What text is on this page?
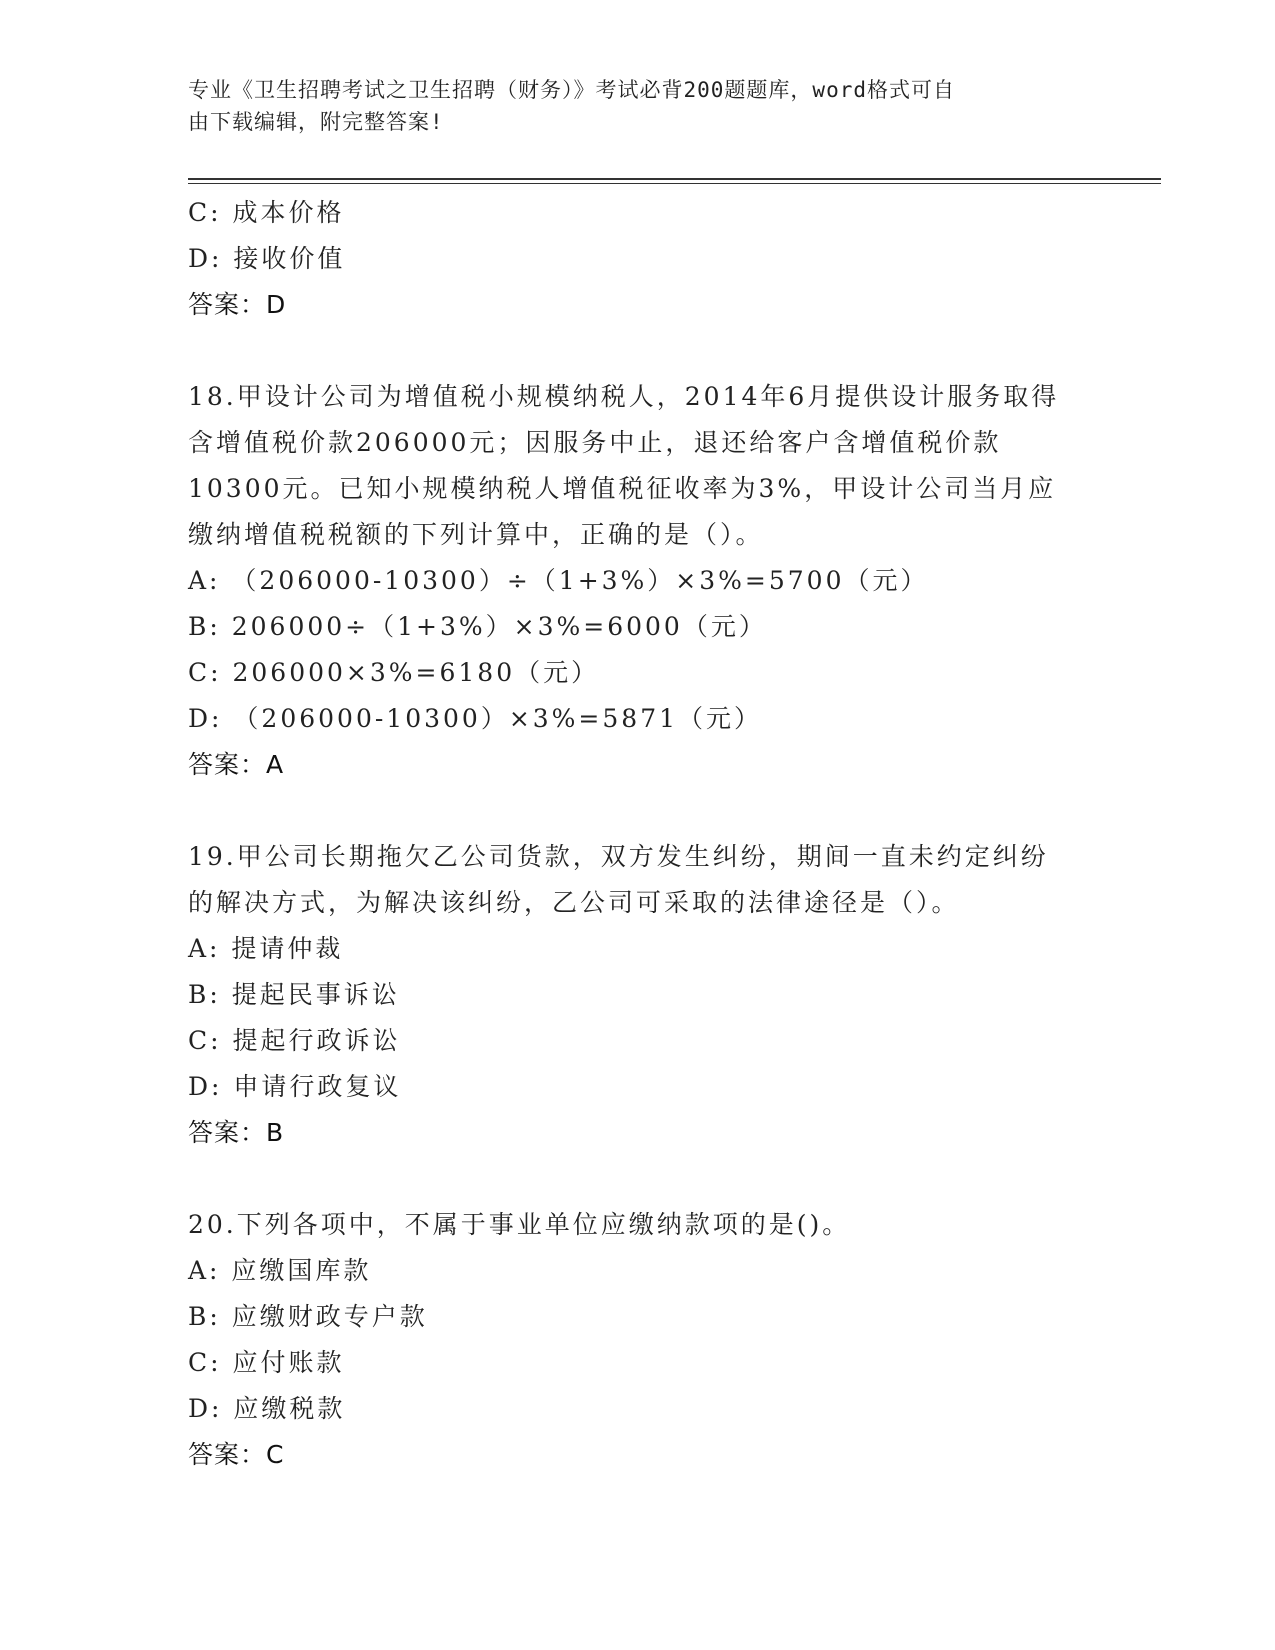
专业《卫生招聘考试之卫生招聘（财务）》考试必背200题题库，word格式可自
由下载编辑，附完整答案!
C: 成本价格
D: 接收价值
答案：D
18.甲设计公司为增值税小规模纳税人，2014年6月提供设计服务取得
含增值税价款206000元；因服务中止，退还给客户含增值税价款
10300元。已知小规模纳税人增值税征收率为3%，甲设计公司当月应
缴纳增值税税额的下列计算中，正确的是（）。
A: （206000-10300）÷（1+3%）×3%=5700（元）
B: 206000÷（1+3%）×3%=6000（元）
C: 206000×3%=6180（元）
D: （206000-10300）×3%=5871（元）
答案：A
19.甲公司长期拖欠乙公司货款，双方发生纠纷，期间一直未约定纠纷
的解决方式，为解决该纠纷，乙公司可采取的法律途径是（）。
A: 提请仲裁
B: 提起民事诉讼
C: 提起行政诉讼
D: 申请行政复议
答案：B
20.下列各项中，不属于事业单位应缴纳款项的是()。
A: 应缴国库款
B: 应缴财政专户款
C: 应付账款
D: 应缴税款
答案：C
